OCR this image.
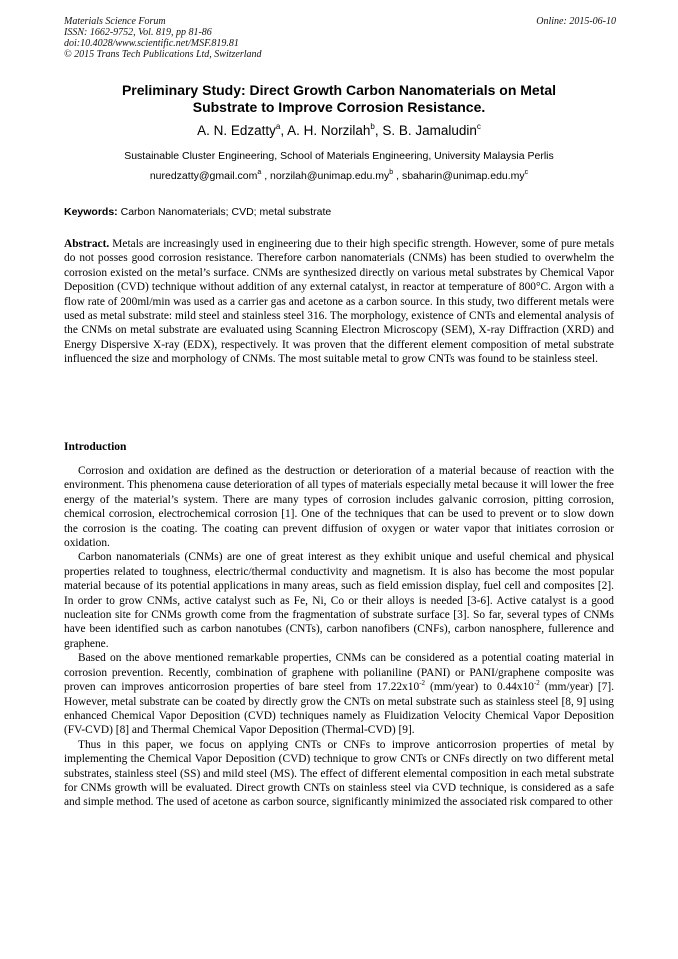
Materials Science Forum
ISSN: 1662-9752, Vol. 819, pp 81-86
doi:10.4028/www.scientific.net/MSF.819.81
© 2015 Trans Tech Publications Ltd, Switzerland
Online: 2015-06-10
Preliminary Study: Direct Growth Carbon Nanomaterials on Metal
Substrate to Improve Corrosion Resistance.
A. N. Edzatty$^a$, A. H. Norzilah$^b$, S. B. Jamaludin$^c$
Sustainable Cluster Engineering, School of Materials Engineering, University Malaysia Perlis
nuredzatty@gmail.com$^a$ , $norzilah@unimap.edu.my^b$ , $sbaharin@unimap.edu.my^c$
Keywords: Carbon Nanomaterials; CVD; metal substrate

Abstract. Metals are increasingly used in engineering due to their high specific strength. However, some of pure metals do not posses good corrosion resistance. Therefore carbon nanomaterials (CNMs) has been studied to overwhelm the corrosion existed on the metal’s surface. CNMs are synthesized directly on various metal substrates by Chemical Vapor Deposition (CVD) technique without addition of any external catalyst, in reactor at temperature of 800°C. Argon with a flow rate of 200ml/min was used as a carrier gas and acetone as a carbon source. In this study, two different metals were used as metal substrate: mild steel and stainless steel 316. The morphology, existence of CNTs and elemental analysis of the CNMs on metal substrate are evaluated using Scanning Electron Microscopy (SEM), X-ray Diffraction (XRD) and Energy Dispersive X-ray (EDX), respectively. It was proven that the different element composition of metal substrate influenced the size and morphology of CNMs. The most suitable metal to grow CNTs was found to be stainless steel.

Introduction

Corrosion and oxidation are defined as the destruction or deterioration of a material because of reaction with the environment. This phenomena cause deterioration of all types of materials especially metal because it will lower the free energy of the material’s system. There are many types of corrosion includes galvanic corrosion, pitting corrosion, chemical corrosion, electrochemical corrosion [1]. One of the techniques that can be used to prevent or to slow down the corrosion is the coating. The coating can prevent diffusion of oxygen or water vapor that initiates corrosion or oxidation.

Carbon nanomaterials (CNMs) are one of great interest as they exhibit unique and useful chemical and physical properties related to toughness, electric/thermal conductivity and magnetism. It is also has become the most popular material because of its potential applications in many areas, such as field emission display, fuel cell and composites [2]. In order to grow CNMs, active catalyst such as Fe, Ni, Co or their alloys is needed [3-6]. Active catalyst is a good nucleation site for CNMs growth come from the fragmentation of substrate surface [3]. So far, several types of CNMs have been identified such as carbon nanotubes (CNTs), carbon nanofibers (CNFs), carbon nanosphere, fullerence and graphene.

Based on the above mentioned remarkable properties, CNMs can be considered as a potential coating material in corrosion prevention. Recently, combination of graphene with polianiline (PANI) or PANI/graphene composite was proven can improves anticorrosion properties of bare steel from $17.22x10^{-2}$ (mm/year) to $0.44x10^{-2}$ (mm/year) [7]. However, metal substrate can be coated by directly grow the CNTs on metal substrate such as stainless steel [8, 9] using enhanced Chemical Vapor Deposition (CVD) techniques namely as Fluidization Velocity Chemical Vapor Deposition (FV-CVD) [8] and Thermal Chemical Vapor Deposition (Thermal-CVD) [9].

Thus in this paper, we focus on applying CNTs or CNFs to improve anticorrosion properties of metal by implementing the Chemical Vapor Deposition (CVD) technique to grow CNTs or CNFs directly on two different metal substrates, stainless steel (SS) and mild steel (MS). The effect of different elemental composition in each metal substrate for CNMs growth will be evaluated. Direct growth CNTs on stainless steel via CVD technique, is considered as a safe and simple method. The used of acetone as carbon source, significantly minimized the associated risk compared to other
